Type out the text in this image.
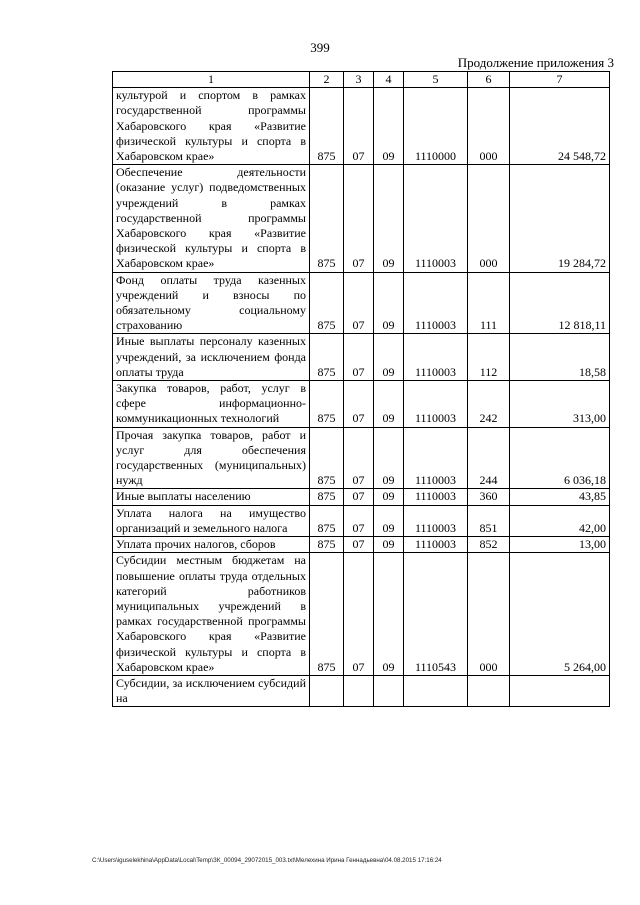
399
Продолжение приложения 3
1	2	3	4	5	6	7
культурой и спортом в рамках государственной программы Хабаровского края «Развитие физической культуры и спорта в Хабаровском крае»	875	07	09	1110000	000	24 548,72
Обеспечение деятельности (оказание услуг) подведомственных учреждений в рамках государственной программы Хабаровского края «Развитие физической культуры и спорта в Хабаровском крае»	875	07	09	1110003	000	19 284,72
Фонд оплаты труда казенных учреждений и взносы по обязательному социальному страхованию	875	07	09	1110003	111	12 818,11
Иные выплаты персоналу казенных учреждений, за исключением фонда оплаты труда	875	07	09	1110003	112	18,58
Закупка товаров, работ, услуг в сфере информационно-коммуникационных технологий	875	07	09	1110003	242	313,00
Прочая закупка товаров, работ и услуг для обеспечения государственных (муниципальных) нужд	875	07	09	1110003	244	6 036,18
Иные выплаты населению	875	07	09	1110003	360	43,85
Уплата налога на имущество организаций и земельного налога	875	07	09	1110003	851	42,00
Уплата прочих налогов, сборов	875	07	09	1110003	852	13,00
Субсидии местным бюджетам на повышение оплаты труда отдельных категорий работников муниципальных учреждений в рамках государственной программы Хабаровского края «Развитие физической культуры и спорта в Хабаровском крае»	875	07	09	1110543	000	5 264,00
Субсидии, за исключением субсидий на						
C:\Users\iguselekhina\AppData\Local\Temp\ЗК_00094_29072015_003.txt\Мелехина Ирина Геннадьевна\04.08.2015 17:16:24
